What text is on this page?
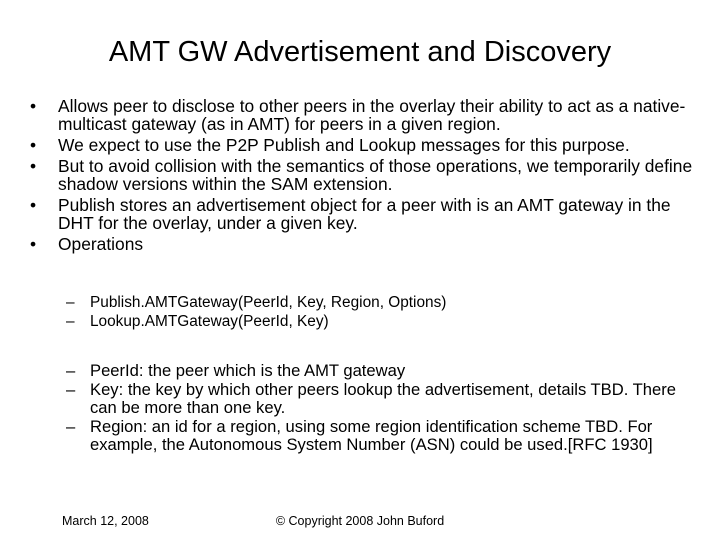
AMT GW Advertisement and Discovery
• Allows peer to disclose to other peers in the overlay their ability to act as a native-multicast gateway (as in AMT) for peers in a given region.
• We expect to use the P2P Publish and Lookup messages for this purpose.
• But to avoid collision with the semantics of those operations, we temporarily define shadow versions within the SAM extension.
• Publish stores an advertisement object for a peer with is an AMT gateway in the DHT for the overlay, under a given key.
• Operations
– Publish.AMTGateway(PeerId, Key, Region, Options)
– Lookup.AMTGateway(PeerId, Key)
– PeerId: the peer which is the AMT gateway
– Key: the key by which other peers lookup the advertisement, details TBD. There can be more than one key.
– Region: an id for a region, using some region identification scheme TBD. For example, the Autonomous System Number (ASN) could be used.[RFC 1930]
© Copyright 2008 John Buford
March 12, 2008
